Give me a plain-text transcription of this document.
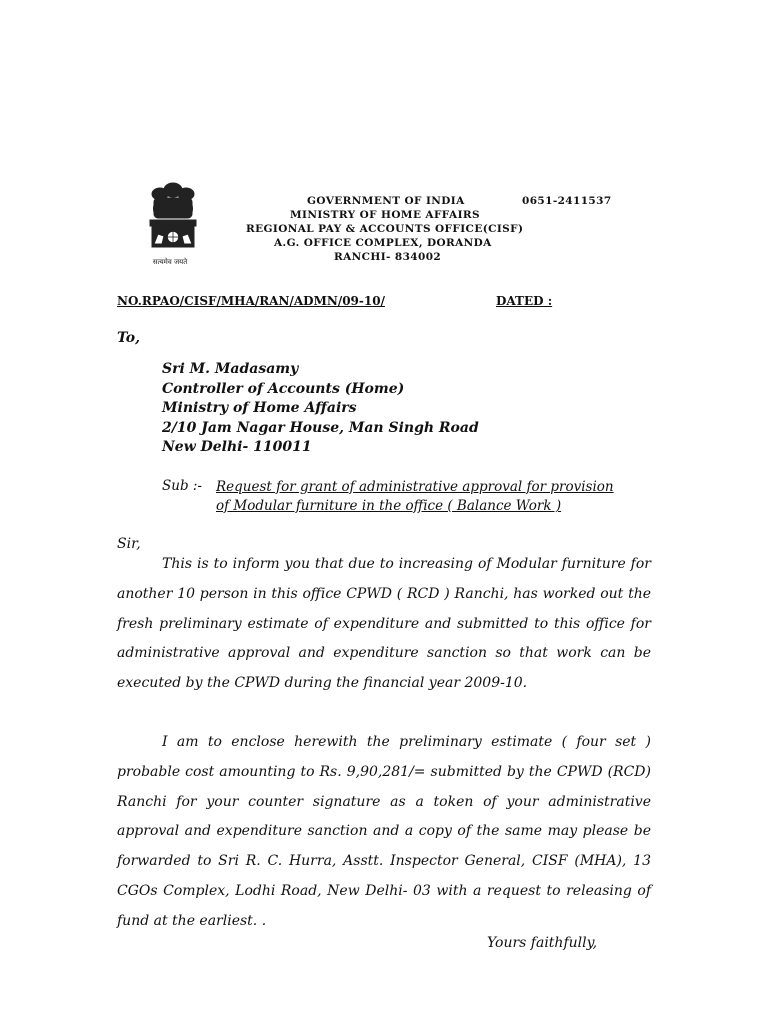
सत्यमेव जयते
GOVERNMENT OF INDIA	0651-2411537
MINISTRY OF HOME AFFAIRS
REGIONAL PAY & ACCOUNTS OFFICE(CISF)
A.G. OFFICE COMPLEX, DORANDA
RANCHI- 834002
NO.RPAO/CISF/MHA/RAN/ADMN/09-10/	DATED :
To,
Sri M. Madasamy
Controller of Accounts (Home)
Ministry of Home Affairs
2/10 Jam Nagar House, Man Singh Road
New Delhi- 110011
Sub :- Request for grant of administrative approval for provision
of Modular furniture in the office ( Balance Work )
Sir,
This is to inform you that due to increasing of Modular furniture for another 10 person in this office CPWD ( RCD ) Ranchi, has worked out the fresh preliminary estimate of expenditure and submitted to this office for administrative approval and expenditure sanction so that work can be executed by the CPWD during the financial year 2009-10.
I am to enclose herewith the preliminary estimate ( four set ) probable cost amounting to Rs. 9,90,281/= submitted by the CPWD (RCD) Ranchi for your counter signature as a token of your administrative approval and expenditure sanction and a copy of the same may please be forwarded to Sri R. C. Hurra, Asstt. Inspector General, CISF (MHA), 13 CGOs Complex, Lodhi Road, New Delhi- 03 with a request to releasing of fund at the earliest. .
Yours faithfully,
